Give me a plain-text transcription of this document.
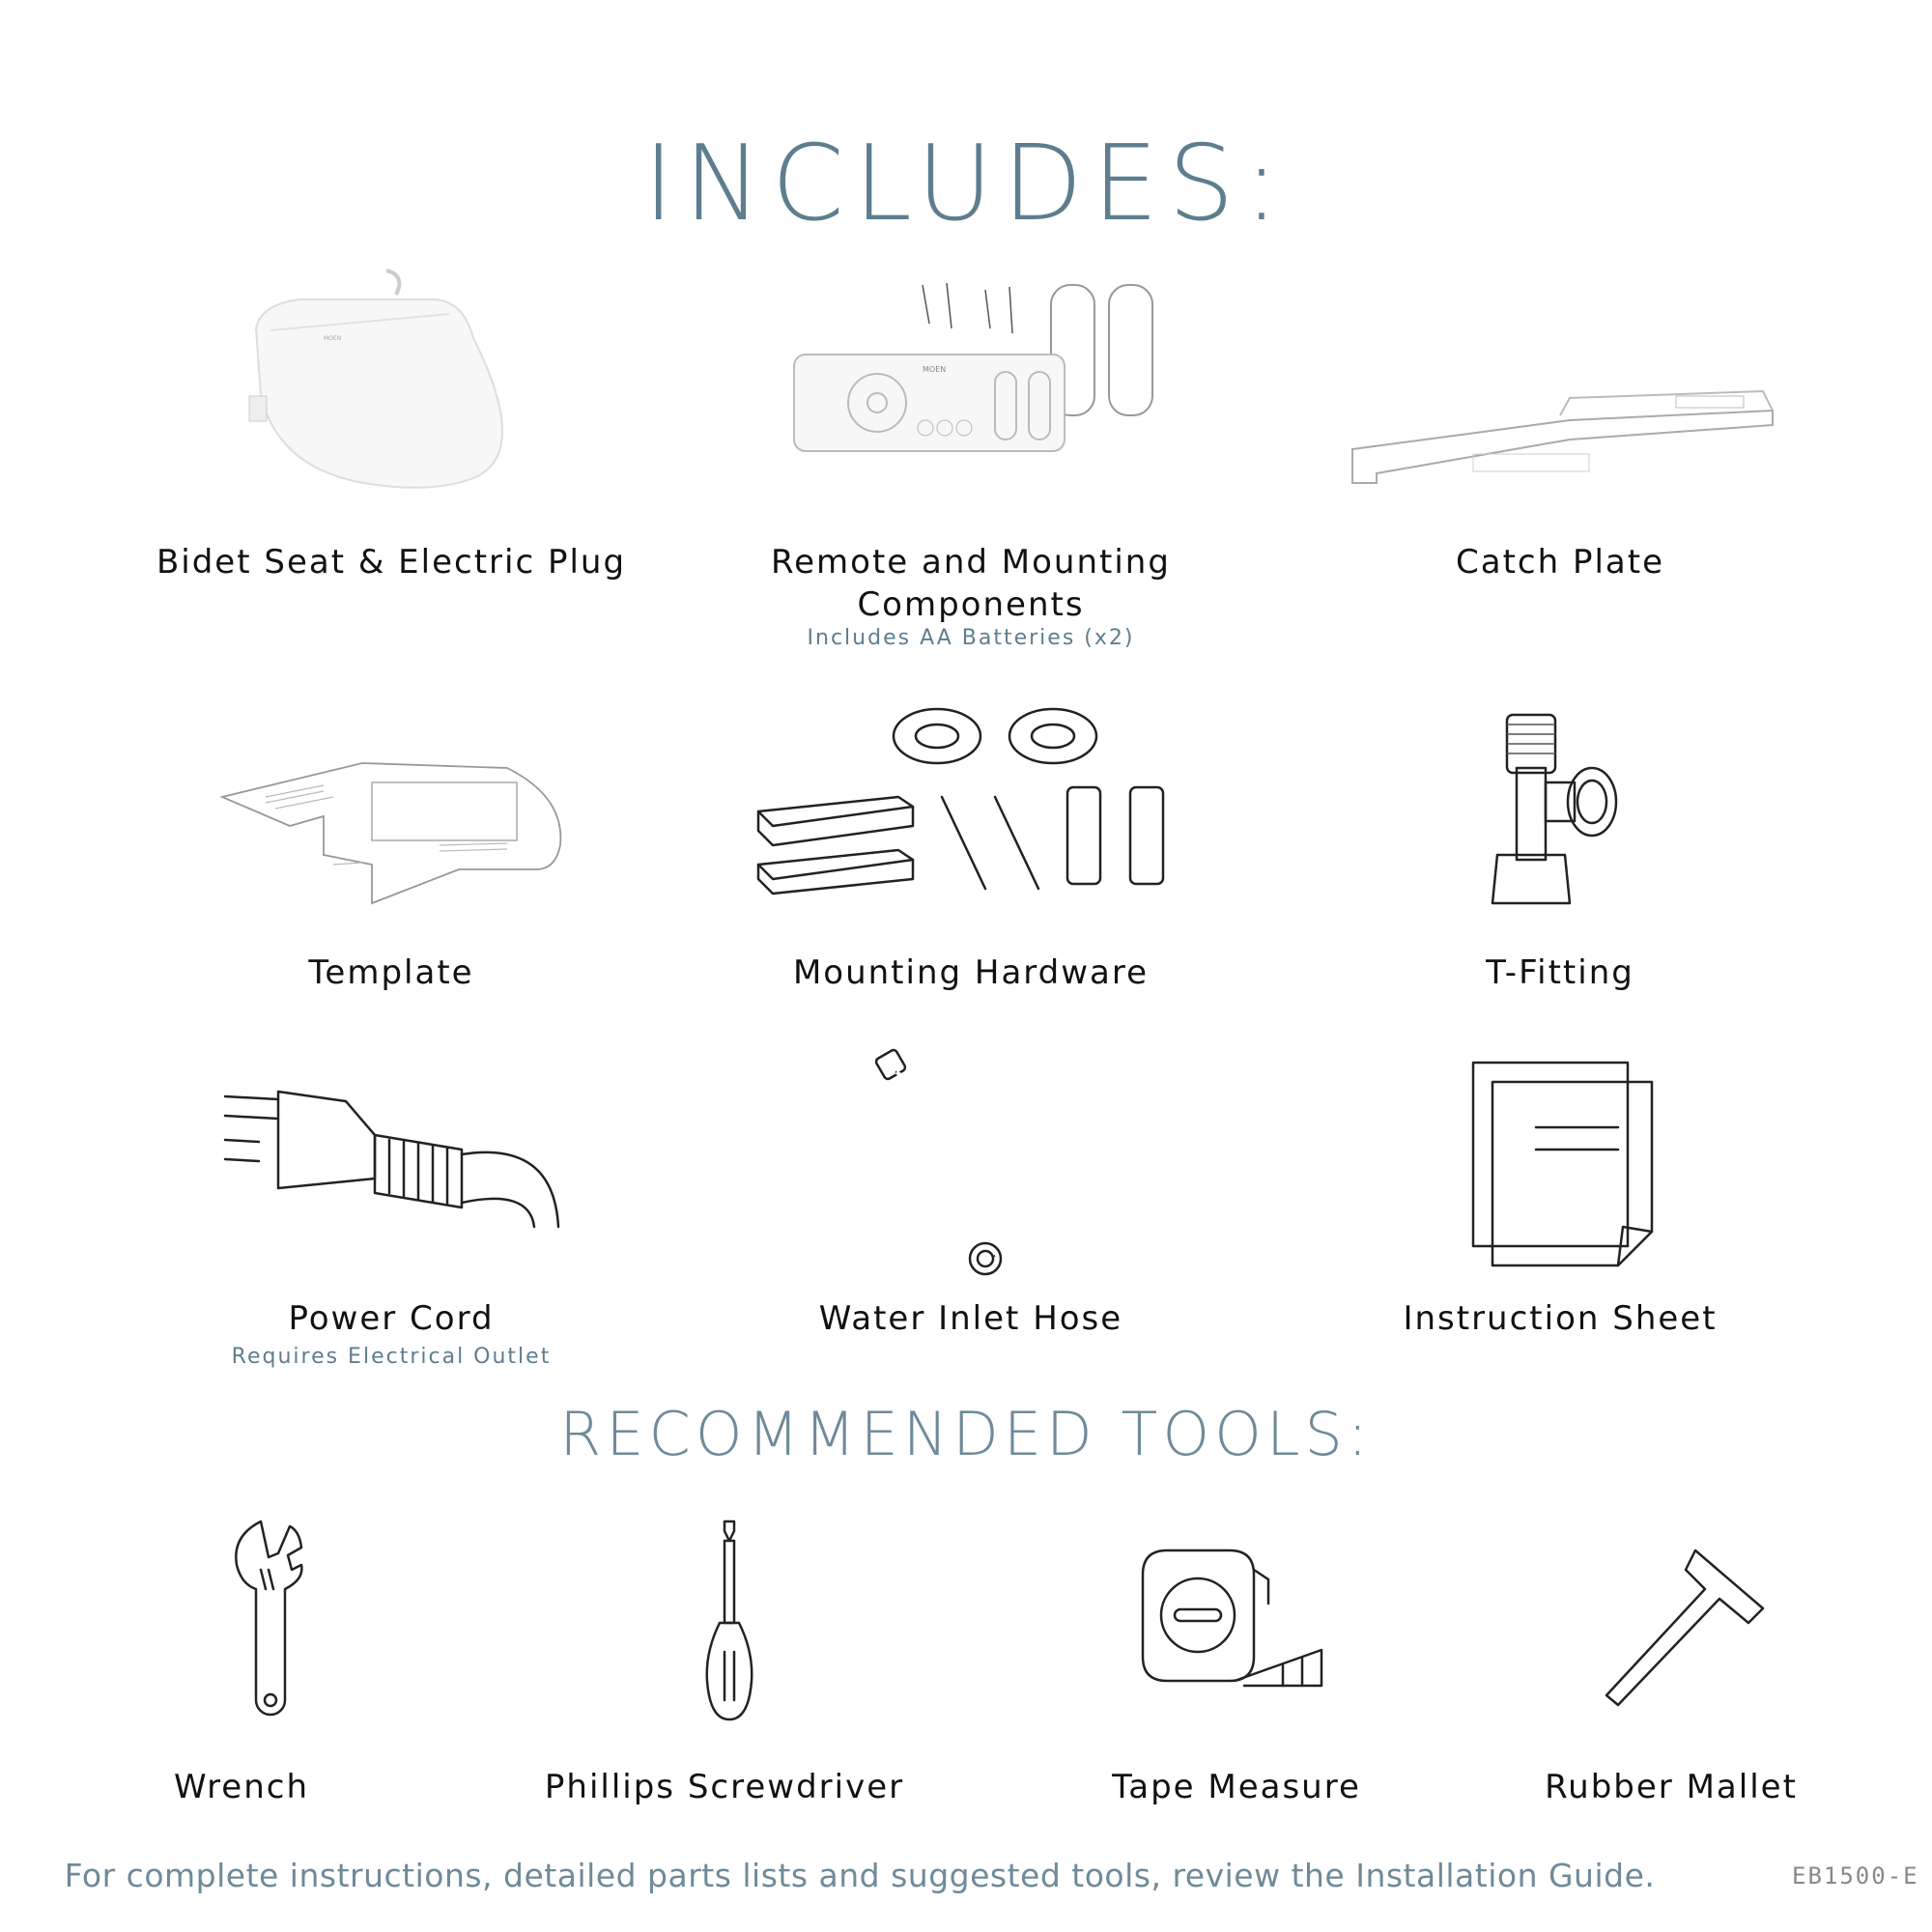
INCLUDES:
MOEN
MOEN
Bidet Seat & Electric Plug	Remote and Mounting
Components
Includes AA Batteries (x2)
Catch Plate
Template	Mounting Hardware	T-Fitting
Power Cord
Requires Electrical Outlet
Water Inlet Hose	Instruction Sheet
RECOMMENDED TOOLS:
Wrench	Phillips Screwdriver	Tape Measure	Rubber Mallet
For complete instructions, detailed parts lists and suggested tools, review the Installation Guide.	EB1500-E
